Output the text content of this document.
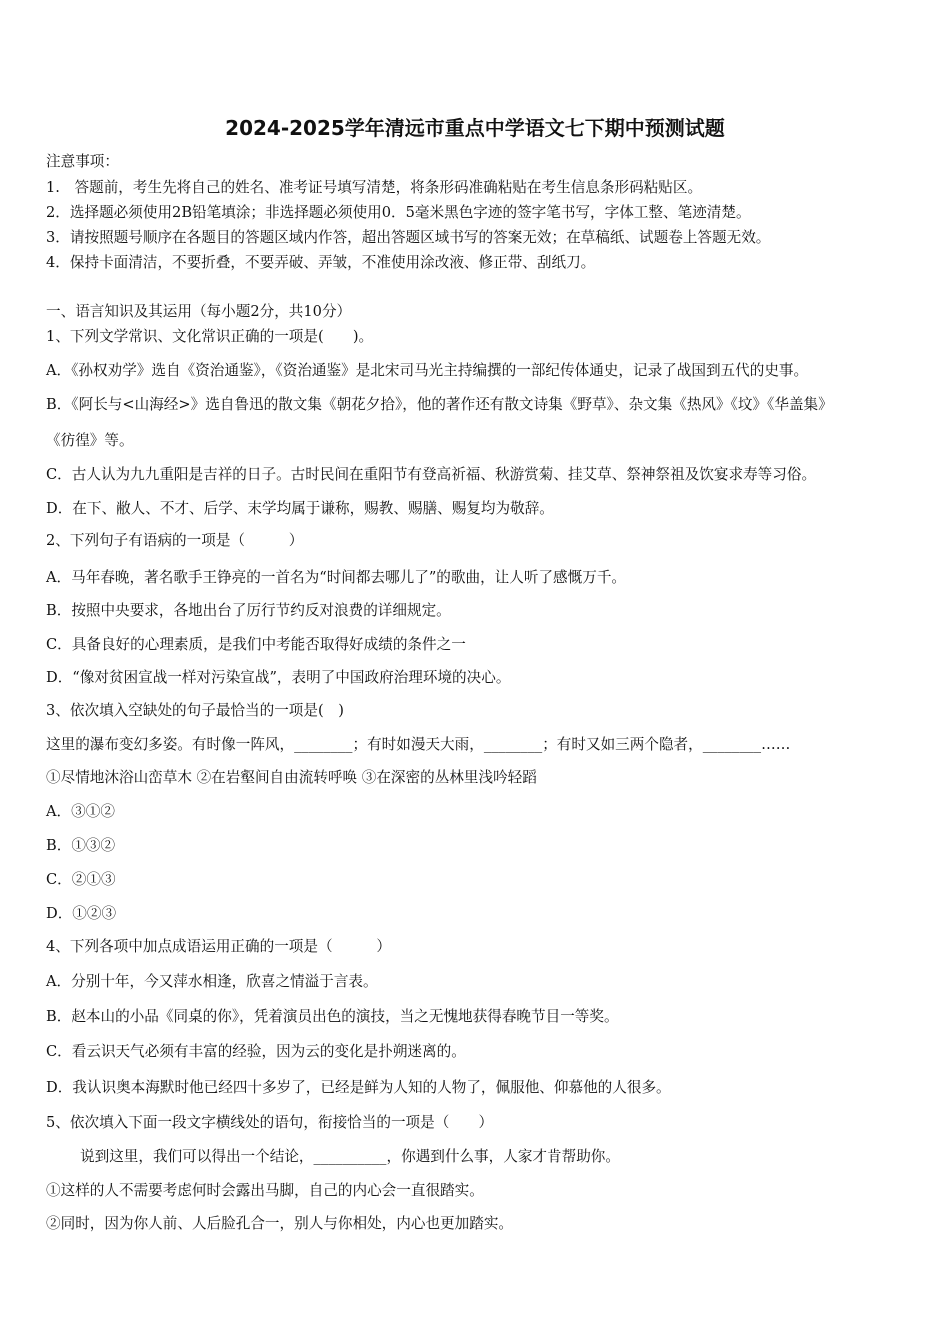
2024-2025学年清远市重点中学语文七下期中预测试题
注意事项：
1.　答题前，考生先将自己的姓名、准考证号填写清楚，将条形码准确粘贴在考生信息条形码粘贴区。
2．选择题必须使用2B铅笔填涂；非选择题必须使用0．5毫米黑色字迹的签字笔书写，字体工整、笔迹清楚。
3．请按照题号顺序在各题目的答题区域内作答，超出答题区域书写的答案无效；在草稿纸、试题卷上答题无效。
4．保持卡面清洁，不要折叠，不要弄破、弄皱，不准使用涂改液、修正带、刮纸刀。
一、语言知识及其运用（每小题2分，共10分）
1、下列文学常识、文化常识正确的一项是(　　)。
A．《孙权劝学》选自《资治通鉴》，《资治通鉴》是北宋司马光主持编撰的一部纪传体通史，记录了战国到五代的史事。
B．《阿长与<山海经>》选自鲁迅的散文集《朝花夕拾》，他的著作还有散文诗集《野草》、杂文集《热风》《坟》《华盖集》
《彷徨》等。
C．古人认为九九重阳是吉祥的日子。古时民间在重阳节有登高祈福、秋游赏菊、挂艾草、祭神祭祖及饮宴求寿等习俗。
D．在下、敝人、不才、后学、末学均属于谦称，赐教、赐膳、赐复均为敬辞。
2、下列句子有语病的一项是（　　　）
A．马年春晚，著名歌手王铮亮的一首名为“时间都去哪儿了”的歌曲，让人听了感慨万千。
B．按照中央要求，各地出台了厉行节约反对浪费的详细规定。
C．具备良好的心理素质，是我们中考能否取得好成绩的条件之一
D．“像对贫困宣战一样对污染宣战”，表明了中国政府治理环境的决心。
3、依次填入空缺处的句子最恰当的一项是(　)
这里的瀑布变幻多姿。有时像一阵风，________；有时如漫天大雨，________；有时又如三两个隐者，________……
①尽情地沐浴山峦草木 ②在岩壑间自由流转呼唤 ③在深密的丛林里浅吟轻蹈
A．③①②
B．①③②
C．②①③
D．①②③
4、下列各项中加点成语运用正确的一项是（　　　）
A．分别十年，今又萍水相逢，欣喜之情溢于言表。
B．赵本山的小品《同桌的你》，凭着演员出色的演技，当之无愧地获得春晚节目一等奖。
C．看云识天气必须有丰富的经验，因为云的变化是扑朔迷离的。
D．我认识奥本海默时他已经四十多岁了，已经是鲜为人知的人物了，佩服他、仰慕他的人很多。
5、依次填入下面一段文字横线处的语句，衔接恰当的一项是（　　）
说到这里，我们可以得出一个结论，__________，你遇到什么事，人家才肯帮助你。
①这样的人不需要考虑何时会露出马脚，自己的内心会一直很踏实。
②同时，因为你人前、人后脸孔合一，别人与你相处，内心也更加踏实。
